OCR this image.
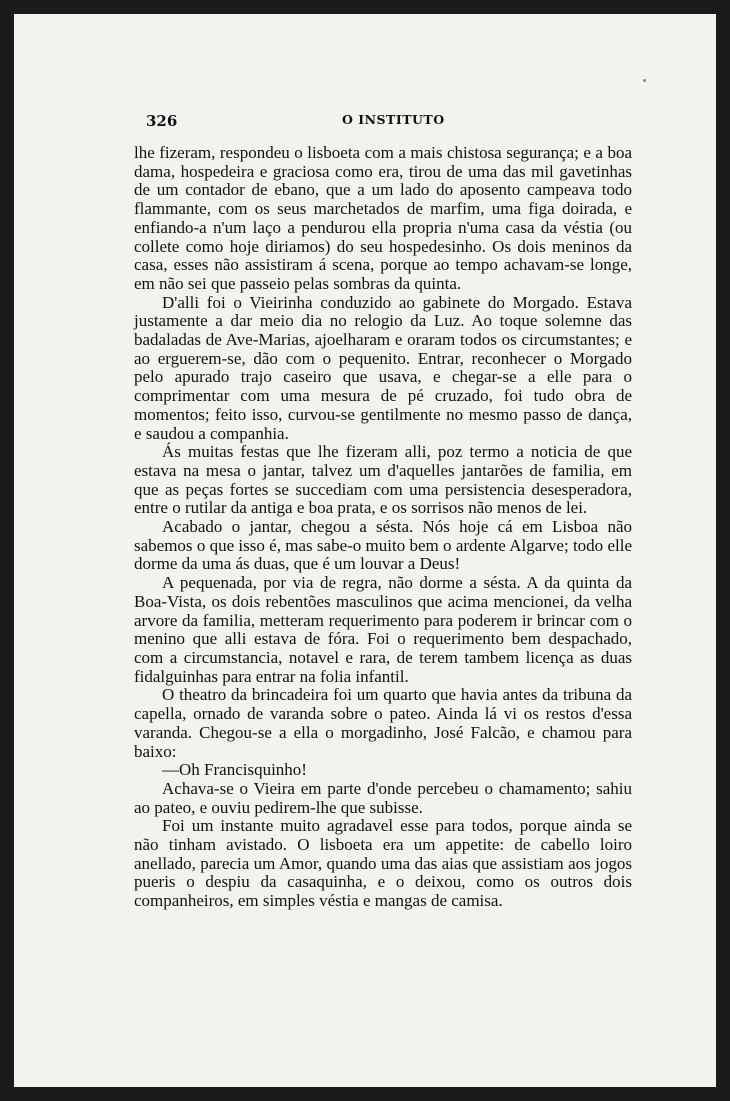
326	O INSTITUTO

lhe fizeram, respondeu o lisboeta com a mais chistosa segurança; e a boa dama, hospedeira e graciosa como era, tirou de uma das mil gavetinhas de um contador de ebano, que a um lado do aposento campeava todo flammante, com os seus marchetados de marfim, uma figa doirada, e enfiando-a n'um laço a pendurou ella propria n'uma casa da véstia (ou collete como hoje diriamos) do seu hospedesinho. Os dois meninos da casa, esses não assistiram á scena, porque ao tempo achavam-se longe, em não sei que passeio pelas sombras da quinta.

D'alli foi o Vieirinha conduzido ao gabinete do Morgado. Estava justamente a dar meio dia no relogio da Luz. Ao toque solemne das badaladas de Ave-Marias, ajoelharam e oraram todos os circumstantes; e ao erguerem-se, dão com o pequenito. Entrar, reconhecer o Morgado pelo apurado trajo caseiro que usava, e chegar-se a elle para o comprimentar com uma mesura de pé cruzado, foi tudo obra de momentos; feito isso, curvou-se gentilmente no mesmo passo de dança, e saudou a companhia.

Ás muitas festas que lhe fizeram alli, poz termo a noticia de que estava na mesa o jantar, talvez um d'aquelles jantarões de familia, em que as peças fortes se succediam com uma persistencia desesperadora, entre o rutilar da antiga e boa prata, e os sorrisos não menos de lei.

Acabado o jantar, chegou a sésta. Nós hoje cá em Lisboa não sabemos o que isso é, mas sabe-o muito bem o ardente Algarve; todo elle dorme da uma ás duas, que é um louvar a Deus!

A pequenada, por via de regra, não dorme a sésta. A da quinta da Boa-Vista, os dois rebentões masculinos que acima mencionei, da velha arvore da familia, metteram requerimento para poderem ir brincar com o menino que alli estava de fóra. Foi o requerimento bem despachado, com a circumstancia, notavel e rara, de terem tambem licença as duas fidalguinhas para entrar na folia infantil.

O theatro da brincadeira foi um quarto que havia antes da tribuna da capella, ornado de varanda sobre o pateo. Ainda lá vi os restos d'essa varanda. Chegou-se a ella o morgadinho, José Falcão, e chamou para baixo:

—Oh Francisquinho!

Achava-se o Vieira em parte d'onde percebeu o chamamento; sahiu ao pateo, e ouviu pedirem-lhe que subisse.

Foi um instante muito agradavel esse para todos, porque ainda se não tinham avistado. O lisboeta era um appetite: de cabello loiro anellado, parecia um Amor, quando uma das aias que assistiam aos jogos pueris o despiu da casaquinha, e o deixou, como os outros dois companheiros, em simples véstia e mangas de camisa.
